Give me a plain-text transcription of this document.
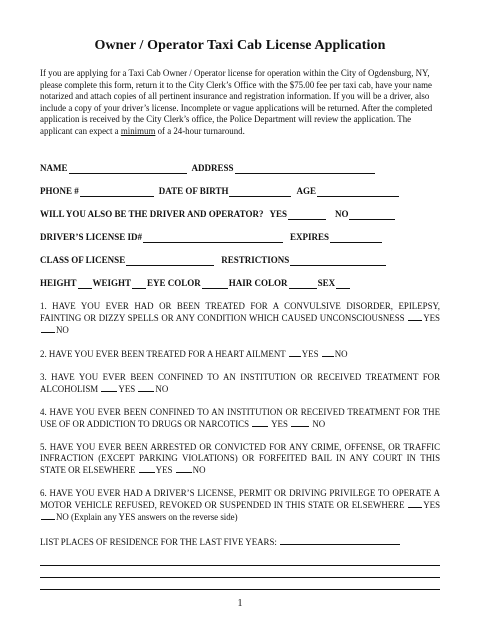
Owner / Operator Taxi Cab License Application

If you are applying for a Taxi Cab Owner / Operator license for operation within the City of Ogdensburg, NY, please complete this form, return it to the City Clerk’s Office with the $75.00 fee per taxi cab, have your name notarized and attach copies of all pertinent insurance and registration information. If you will be a driver, also include a copy of your driver’s license. Incomplete or vague applications will be returned. After the completed application is received by the City Clerk’s office, the Police Department will review the application. The applicant can expect a minimum of a 24-hour turnaround.

NAME	ADDRESS
PHONE #	DATE OF BIRTH	AGE
WILL YOU ALSO BE THE DRIVER AND OPERATOR? YES	NO
DRIVER’S LICENSE ID#	EXPIRES
CLASS OF LICENSE	RESTRICTIONS
HEIGHT WEIGHT EYE COLOR	HAIR COLOR	SEX

1. HAVE YOU EVER HAD OR BEEN TREATED FOR A CONVULSIVE DISORDER, EPILEPSY, FAINTING OR DIZZY SPELLS OR ANY CONDITION WHICH CAUSED UNCONSCIOUSNESS YES NO

2. HAVE YOU EVER BEEN TREATED FOR A HEART AILMENT YES NO

3. HAVE YOU EVER BEEN CONFINED TO AN INSTITUTION OR RECEIVED TREATMENT FOR ALCOHOLISM YES NO

4. HAVE YOU EVER BEEN CONFINED TO AN INSTITUTION OR RECEIVED TREATMENT FOR THE USE OF OR ADDICTION TO DRUGS OR NARCOTICS YES	NO

5. HAVE YOU EVER BEEN ARRESTED OR CONVICTED FOR ANY CRIME, OFFENSE, OR TRAFFIC INFRACTION (EXCEPT PARKING VIOLATIONS) OR FORFEITED BAIL IN ANY COURT IN THIS STATE OR ELSEWHERE YES NO

6. HAVE YOU EVER HAD A DRIVER’S LICENSE, PERMIT OR DRIVING PRIVILEGE TO OPERATE A MOTOR VEHICLE REFUSED, REVOKED OR SUSPENDED IN THIS STATE OR ELSEWHERE YES NO (Explain any YES answers on the reverse side)

LIST PLACES OF RESIDENCE FOR THE LAST FIVE YEARS:
1
